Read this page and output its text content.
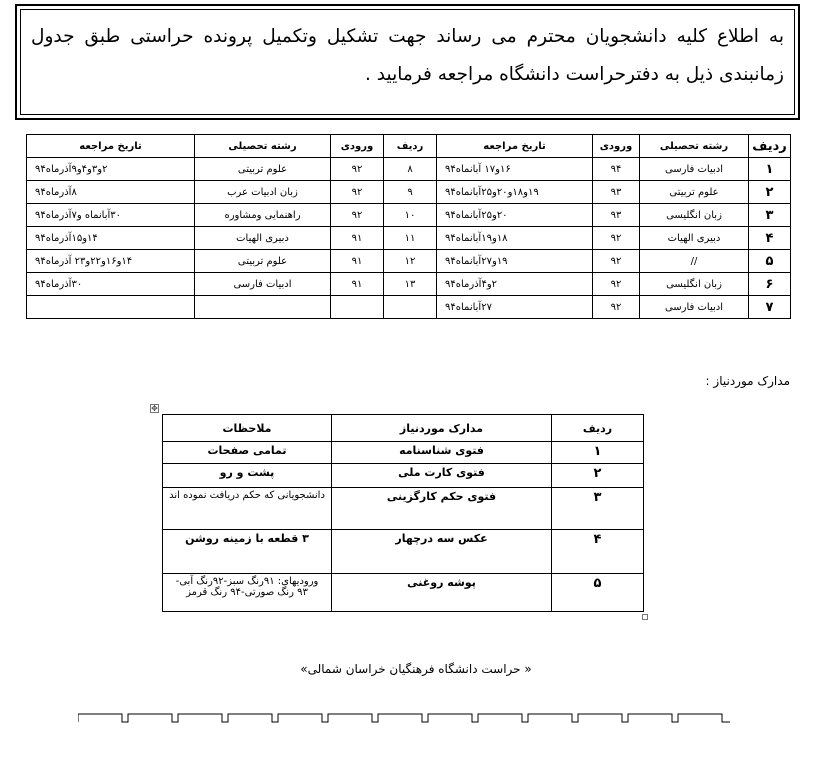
به اطلاع کلیه دانشجویان محترم می رساند جهت تشکیل وتکمیل پرونده حراستی طبق جدول زمانبندی ذیل به دفترحراست دانشگاه مراجعه فرمایید .
ردیف	رشته تحصیلی	ورودی	تاریخ مراجعه	ردیف	ورودی	رشته تحصیلی	تاریخ مراجعه
۱	ادبیات فارسی	۹۴	۱۶و۱۷ آبانماه۹۴	۸	۹۲	علوم تربیتی	۲و۳و۴و۹آذرماه۹۴
۲	علوم تربیتی	۹۳	۱۹و۱۸و۲۰و۲۵آبانماه۹۴	۹	۹۲	زبان ادبیات عرب	۸آذرماه۹۴
۳	زبان انگلیسی	۹۳	۲۰و۲۵آبانماه۹۴	۱۰	۹۲	راهنمایی ومشاوره	۳۰آبانماه و۷آذرماه۹۴
۴	دبیری الهیات	۹۲	۱۸و۱۹آبانماه۹۴	۱۱	۹۱	دبیری الهیات	۱۴و۱۵آذرماه۹۴
۵	//	۹۲	۱۹و۲۷آبانماه۹۴	۱۲	۹۱	علوم تربیتی	۱۴و۱۶و۲۲و۲۳ آذرماه۹۴
۶	زبان انگلیسی	۹۲	۲و۴آذرماه۹۴	۱۳	۹۱	ادبیات فارسی	۳۰آذرماه۹۴
۷	ادبیات فارسی	۹۲	۲۷آبانماه۹۴				
مدارک موردنیاز :
✥
ردیف	مدارک موردنیاز	ملاحظات
۱	فتوی شناسنامه	تمامی صفحات
۲	فتوی کارت ملی	پشت و رو
۳	فتوی حکم کارگزینی	دانشجویانی که حکم دریافت نموده اند
۴	عکس سه درچهار	۳ قطعه با زمینه روشن
۵	پوشه روغنی	ورودیهای: ۹۱رنگ سبز-۹۲رنگ آبی- ۹۳ رنگ صورتی-۹۴ رنگ قرمز
« حراست دانشگاه فرهنگیان خراسان شمالی»
